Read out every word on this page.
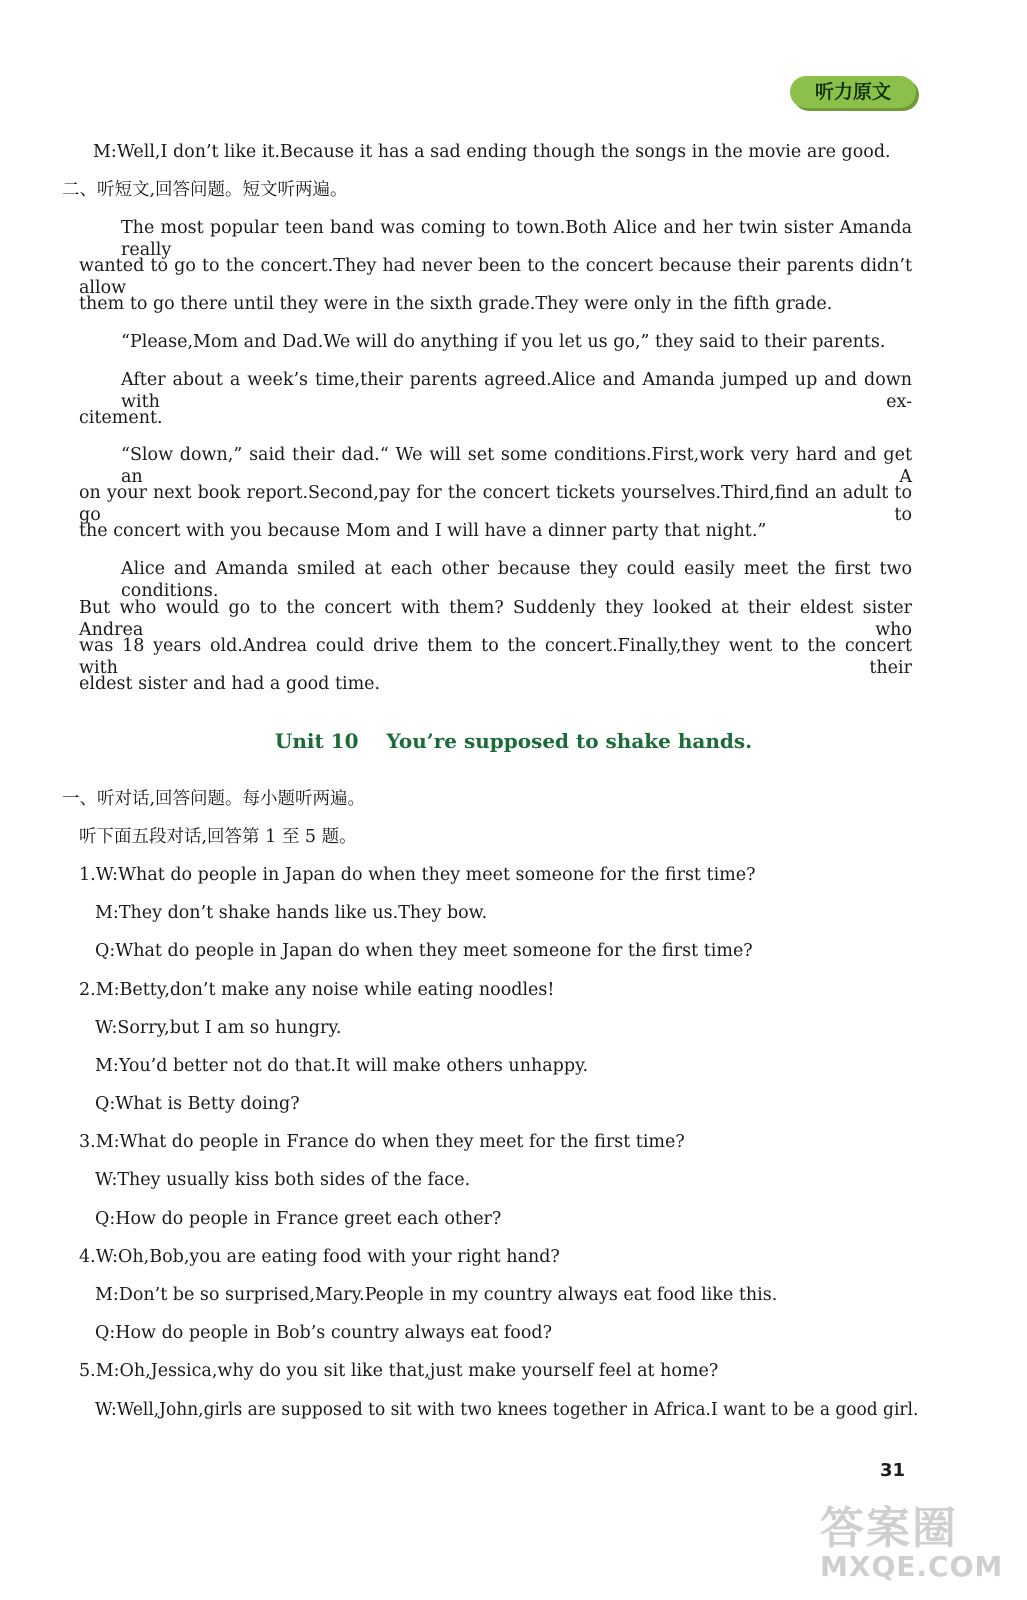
听力原文
M:Well,I don’t like it.Because it has a sad ending though the songs in the movie are good.
二、听短文,回答问题。短文听两遍。
The most popular teen band was coming to town.Both Alice and her twin sister Amanda really
wanted to go to the concert.They had never been to the concert because their parents didn’t allow
them to go there until they were in the sixth grade.They were only in the fifth grade.
“Please,Mom and Dad.We will do anything if you let us go,” they said to their parents.
After about a week’s time,their parents agreed.Alice and Amanda jumped up and down with ex-
citement.
“Slow down,” said their dad.“ We will set some conditions.First,work very hard and get an A
on your next book report.Second,pay for the concert tickets yourselves.Third,find an adult to go to
the concert with you because Mom and I will have a dinner party that night.”
Alice and Amanda smiled at each other because they could easily meet the first two conditions.
But who would go to the concert with them? Suddenly they looked at their eldest sister Andrea who
was 18 years old.Andrea could drive them to the concert.Finally,they went to the concert with their
eldest sister and had a good time.
Unit 10    You’re supposed to shake hands.
一、听对话,回答问题。每小题听两遍。
听下面五段对话,回答第 1 至 5 题。
1.W:What do people in Japan do when they meet someone for the first time?
M:They don’t shake hands like us.They bow.
Q:What do people in Japan do when they meet someone for the first time?
2.M:Betty,don’t make any noise while eating noodles!
W:Sorry,but I am so hungry.
M:You’d better not do that.It will make others unhappy.
Q:What is Betty doing?
3.M:What do people in France do when they meet for the first time?
W:They usually kiss both sides of the face.
Q:How do people in France greet each other?
4.W:Oh,Bob,you are eating food with your right hand?
M:Don’t be so surprised,Mary.People in my country always eat food like this.
Q:How do people in Bob’s country always eat food?
5.M:Oh,Jessica,why do you sit like that,just make yourself feel at home?
W:Well,John,girls are supposed to sit with two knees together in Africa.I want to be a good girl.
31
答案圈
MXQE.COM
